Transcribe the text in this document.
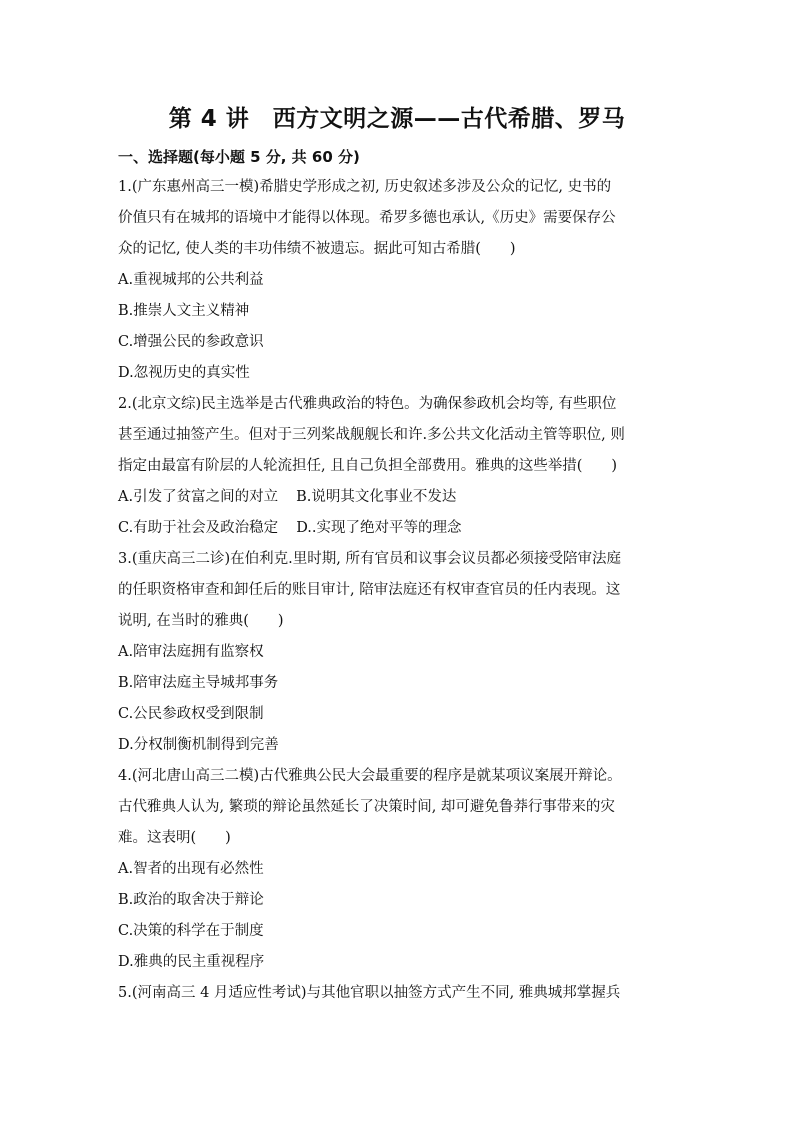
第 4 讲　西方文明之源——古代希腊、罗马
一、选择题(每小题 5 分, 共 60 分)
1.(广东惠州高三一模)希腊史学形成之初, 历史叙述多涉及公众的记忆, 史书的
价值只有在城邦的语境中才能得以体现。希罗多德也承认,《历史》需要保存公
众的记忆, 使人类的丰功伟绩不被遗忘。据此可知古希腊(　　)
A.重视城邦的公共利益
B.推崇人文主义精神
C.增强公民的参政意识
D.忽视历史的真实性
2.(北京文综)民主选举是古代雅典政治的特色。为确保参政机会均等, 有些职位
甚至通过抽签产生。但对于三列桨战舰舰长和许.多公共文化活动主管等职位, 则
指定由最富有阶层的人轮流担任, 且自己负担全部费用。雅典的这些举措(　　)
A.引发了贫富之间的对立 B.说明其文化事业不发达
C.有助于社会及政治稳定 D..实现了绝对平等的理念
3.(重庆高三二诊)在伯利克.里时期, 所有官员和议事会议员都必须接受陪审法庭
的任职资格审查和卸任后的账目审计, 陪审法庭还有权审查官员的任内表现。这
说明, 在当时的雅典(　　)
A.陪审法庭拥有监察权
B.陪审法庭主导城邦事务
C.公民参政权受到限制
D.分权制衡机制得到完善
4.(河北唐山高三二模)古代雅典公民大会最重要的程序是就某项议案展开辩论。
古代雅典人认为, 繁琐的辩论虽然延长了决策时间, 却可避免鲁莽行事带来的灾
难。这表明(　　)
A.智者的出现有必然性
B.政治的取舍决于辩论
C.决策的科学在于制度
D.雅典的民主重视程序
5.(河南高三 4 月适应性考试)与其他官职以抽签方式产生不同, 雅典城邦掌握兵
